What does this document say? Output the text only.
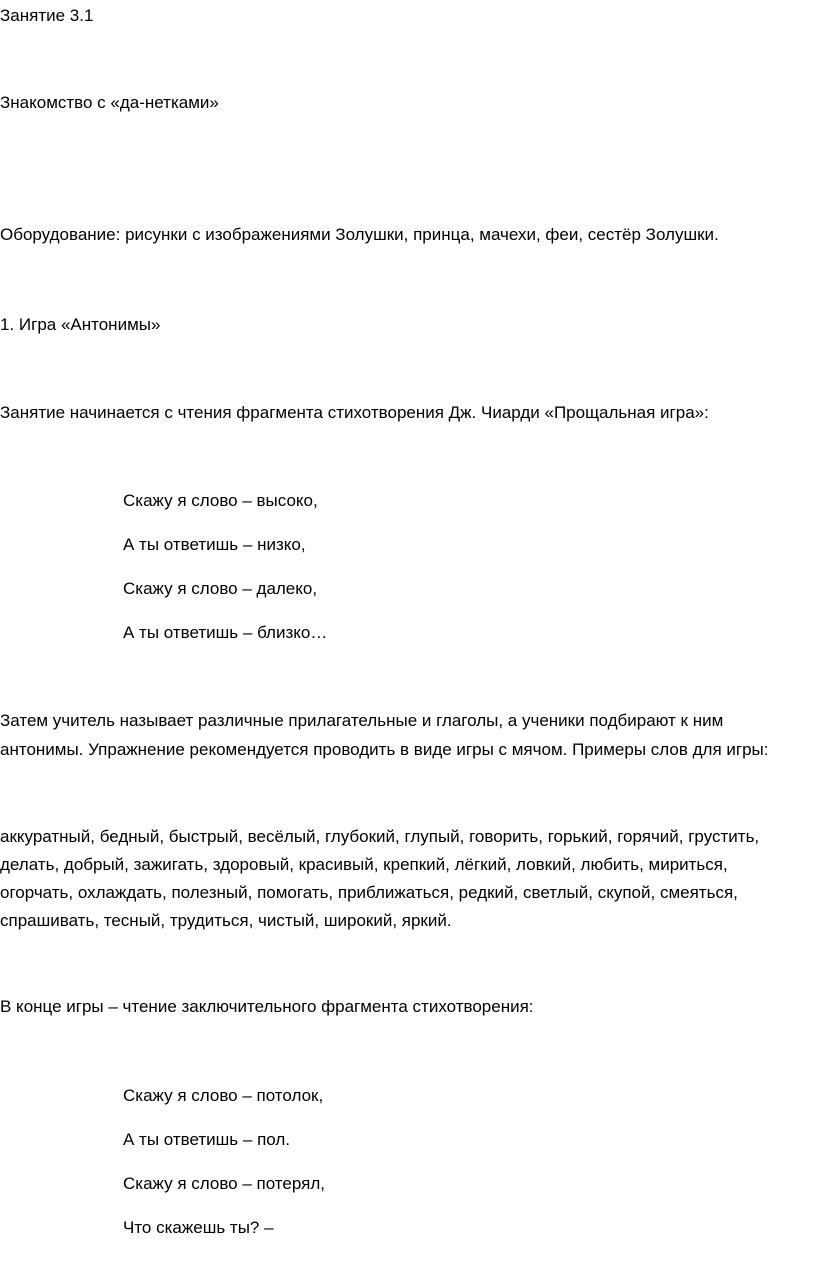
Занятие 3.1

Знакомство с «да-нетками»

Оборудование: рисунки с изображениями Золушки, принца, мачехи, феи, сестёр Золушки.

1. Игра «Антонимы»

Занятие начинается с чтения фрагмента стихотворения Дж. Чиарди «Прощальная игра»:

Скажу я слово – высоко,

А ты ответишь – низко,

Скажу я слово – далеко,

А ты ответишь – близко…

Затем учитель называет различные прилагательные и глаголы, а ученики подбирают к ним

антонимы. Упражнение рекомендуется проводить в виде игры с мячом. Примеры слов для игры:

аккуратный, бедный, быстрый, весёлый, глубокий, глупый, говорить, горький, горячий, грустить,

делать, добрый, зажигать, здоровый, красивый, крепкий, лёгкий, ловкий, любить, мириться,

огорчать, охлаждать, полезный, помогать, приближаться, редкий, светлый, скупой, смеяться,

спрашивать, тесный, трудиться, чистый, широкий, яркий.

В конце игры – чтение заключительного фрагмента стихотворения:

Скажу я слово – потолок,

А ты ответишь – пол.

Скажу я слово – потерял,

Что скажешь ты? –
